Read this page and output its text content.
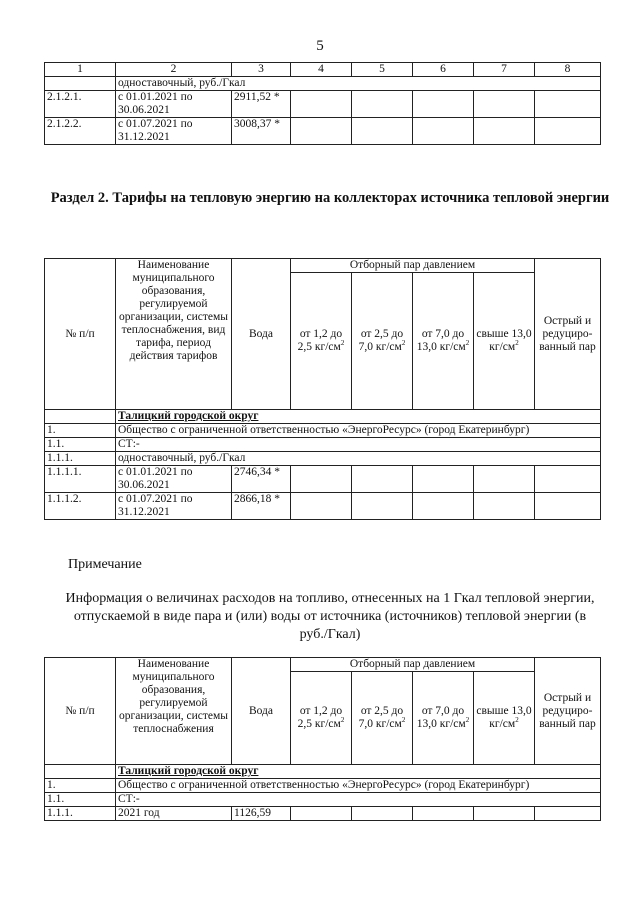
5
1	2	3	4	5	6	7	8
	одноставочный, руб./Гкал						
2.1.2.1.	с 01.01.2021 по 30.06.2021	2911,52 *					
2.1.2.2.	с 01.07.2021 по 31.12.2021	3008,37 *					
Раздел 2. Тарифы на тепловую энергию на коллекторах источника тепловой энергии
№ п/п	Наименование муниципального образования, регулируемой организации, системы теплоснабжения, вид тарифа, период действия тарифов	Вода	Отборный пар давлением				Острый и редуциро-ванный пар
			от 1,2 до 2,5 $кг/см^2$	от 2,5 до 7,0 $кг/см^2$	от 7,0 до 13,0 $кг/см^2$	свыше 13,0 $кг/см^2$
	Талицкий городской округ						
1.	Общество с ограниченной ответственностью «ЭнергоРесурс» (город Екатеринбург)						
1.1.	СТ:-						
1.1.1.	одноставочный, руб./Гкал						
1.1.1.1.	с 01.01.2021 по 30.06.2021	2746,34 *					
1.1.1.2.	с 01.07.2021 по 31.12.2021	2866,18 *					
Примечание
Информация о величинах расходов на топливо, отнесенных на 1 Гкал тепловой энергии, отпускаемой в виде пара и (или) воды от источника (источников) тепловой энергии (в руб./Гкал)
№ п/п	Наименование муниципального образования, регулируемой организации, системы теплоснабжения	Вода	Отборный пар давлением				Острый и редуциро-ванный пар
			от 1,2 до 2,5 $кг/см^2$	от 2,5 до 7,0 $кг/см^2$	от 7,0 до 13,0 $кг/см^2$	свыше 13,0 $кг/см^2$
	Талицкий городской округ						
1.	Общество с ограниченной ответственностью «ЭнергоРесурс» (город Екатеринбург)						
1.1.	СТ:-						
1.1.1.	2021 год	1126,59					
